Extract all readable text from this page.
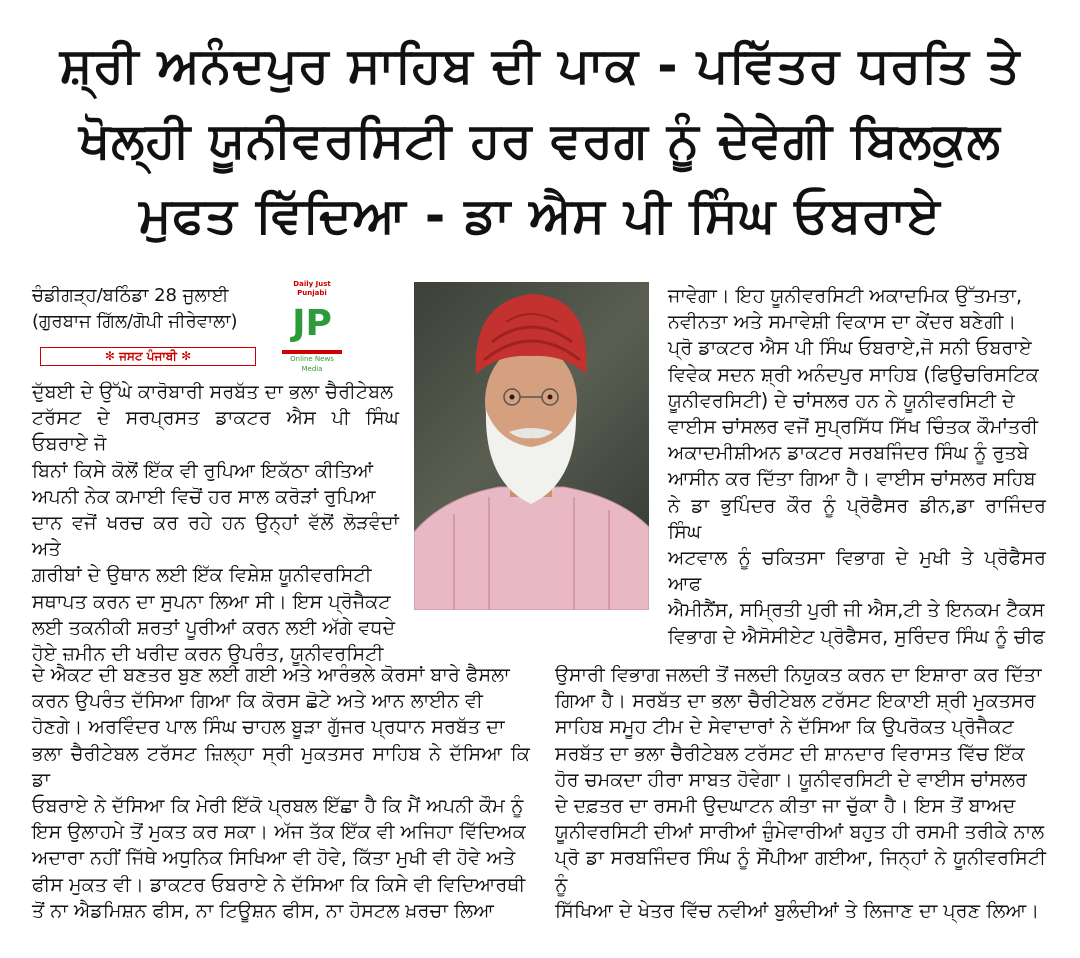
ਸ਼੍ਰੀ ਅਨੰਦਪੁਰ ਸਾਹਿਬ ਦੀ ਪਾਕ - ਪਵਿੱਤਰ ਧਰਤਿ ਤੇ
ਖੋਲ੍ਹੀ ਯੂਨੀਵਰਸਿਟੀ ਹਰ ਵਰਗ ਨੂੰ ਦੇਵੇਗੀ ਬਿਲਕੁਲ
ਮੁਫਤ ਵਿੱਦਿਆ - ਡਾ ਐਸ ਪੀ ਸਿੰਘ ਓਬਰਾਏ
ਚੰਡੀਗੜ੍ਹ/ਬਠਿੰਡਾ 28 ਜੁਲਾਈ
(ਗੁਰਬਾਜ ਗਿੱਲ/ਗੋਪੀ ਜੀਰੇਵਾਲਾ)
✻ ਜਸਟ ਪੰਜਾਬੀ ✻
Daily Just Punjabi
JP
Online News Media

ਦੁੱਬਈ ਦੇ ਉੱਘੇ ਕਾਰੋਬਾਰੀ ਸਰਬੱਤ ਦਾ ਭਲਾ ਚੈਰੀਟੇਬਲ

ਟਰੱਸਟ ਦੇ ਸਰਪ੍ਰਸਤ ਡਾਕਟਰ ਐਸ ਪੀ ਸਿੰਘ ਓਬਰਾਏ ਜੋ

ਬਿਨਾਂ ਕਿਸੇ ਕੋਲੋਂ ਇੱਕ ਵੀ ਰੁਪਿਆ ਇਕੱਠਾ ਕੀਤਿਆਂ

ਅਪਨੀ ਨੇਕ ਕਮਾਈ ਵਿਚੋਂ ਹਰ ਸਾਲ ਕਰੋੜਾਂ ਰੁਪਿਆ

ਦਾਨ ਵਜੋਂ ਖਰਚ ਕਰ ਰਹੇ ਹਨ ਉਨ੍ਹਾਂ ਵੱਲੋਂ ਲੋੜਵੰਦਾਂ ਅਤੇ

ਗ਼ਰੀਬਾਂ ਦੇ ਉਥਾਨ ਲਈ ਇੱਕ ਵਿਸ਼ੇਸ਼ ਯੂਨੀਵਰਸਿਟੀ

ਸਥਾਪਤ ਕਰਨ ਦਾ ਸੁਪਨਾ ਲਿਆ ਸੀ। ਇਸ ਪ੍ਰੋਜੈਕਟ

ਲਈ ਤਕਨੀਕੀ ਸ਼ਰਤਾਂ ਪੂਰੀਆਂ ਕਰਨ ਲਈ ਅੱਗੇ ਵਧਦੇ

ਹੋਏ ਜ਼ਮੀਨ ਦੀ ਖਰੀਦ ਕਰਨ ਉਪਰੰਤ, ਯੂਨੀਵਰਸਿਟੀ

ਦੇ ਐਕਟ ਦੀ ਬਣਤਰ ਬੁਣ ਲਈ ਗਈ ਅਤੇ ਆਰੰਭਲੇ ਕੋਰਸਾਂ ਬਾਰੇ ਫੈਸਲਾ

ਕਰਨ ਉਪਰੰਤ ਦੱਸਿਆ ਗਿਆ ਕਿ ਕੋਰਸ ਛੋਟੇ ਅਤੇ ਆਨ ਲਾਈਨ ਵੀ

ਹੋਣਗੇ। ਅਰਵਿੰਦਰ ਪਾਲ ਸਿੰਘ ਚਾਹਲ ਬੂੜਾ ਗੁੱਜਰ ਪ੍ਰਧਾਨ ਸਰਬੱਤ ਦਾ

ਭਲਾ ਚੈਰੀਟੇਬਲ ਟਰੱਸਟ ਜ਼ਿਲ੍ਹਾ ਸ੍ਰੀ ਮੁਕਤਸਰ ਸਾਹਿਬ ਨੇ ਦੱਸਿਆ ਕਿ ਡਾ

ਓਬਰਾਏ ਨੇ ਦੱਸਿਆ ਕਿ ਮੇਰੀ ਇੱਕੋ ਪ੍ਰਬਲ ਇੱਛਾ ਹੈ ਕਿ ਮੈਂ ਅਪਨੀ ਕੌਮ ਨੂੰ

ਇਸ ਉਲਾਹਮੇ ਤੋਂ ਮੁਕਤ ਕਰ ਸਕਾ। ਅੱਜ ਤੱਕ ਇੱਕ ਵੀ ਅਜਿਹਾ ਵਿੱਦਿਅਕ

ਅਦਾਰਾ ਨਹੀਂ ਜਿੱਥੇ ਅਧੁਨਿਕ ਸਿਖਿਆ ਵੀ ਹੋਵੇ, ਕਿੱਤਾ ਮੁਖੀ ਵੀ ਹੋਵੇ ਅਤੇ

ਫੀਸ ਮੁਕਤ ਵੀ। ਡਾਕਟਰ ਓਬਰਾਏ ਨੇ ਦੱਸਿਆ ਕਿ ਕਿਸੇ ਵੀ ਵਿਦਿਆਰਥੀ

ਤੋਂ ਨਾ ਐਡਮਿਸ਼ਨ ਫੀਸ, ਨਾ ਟਿਊਸ਼ਨ ਫੀਸ, ਨਾ ਹੋਸਟਲ ਖ਼ਰਚਾ ਲਿਆ

ਜਾਵੇਗਾ। ਇਹ ਯੂਨੀਵਰਸਿਟੀ ਅਕਾਦਮਿਕ ਉੱਤਮਤਾ,

ਨਵੀਨਤਾ ਅਤੇ ਸਮਾਵੇਸ਼ੀ ਵਿਕਾਸ ਦਾ ਕੇਂਦਰ ਬਣੇਗੀ।

ਪ੍ਰੋ ਡਾਕਟਰ ਐਸ ਪੀ ਸਿੰਘ ਓਬਰਾਏ,ਜੋ ਸਨੀ ਓਬਰਾਏ

ਵਿਵੇਕ ਸਦਨ ਸ਼੍ਰੀ ਅਨੰਦਪੁਰ ਸਾਹਿਬ (ਫਿਉਚਰਿਸਟਿਕ

ਯੂਨੀਵਰਸਿਟੀ) ਦੇ ਚਾਂਸਲਰ ਹਨ ਨੇ ਯੂਨੀਵਰਸਿਟੀ ਦੇ

ਵਾਈਸ ਚਾਂਸਲਰ ਵਜੋਂ ਸੁਪ੍ਰਸਿੱਧ ਸਿੱਖ ਚਿੰਤਕ ਕੌਮਾਂਤਰੀ

ਅਕਾਦਮੀਸ਼ੀਅਨ ਡਾਕਟਰ ਸਰਬਜਿੰਦਰ ਸਿੰਘ ਨੂੰ ਰੁਤਬੇ

ਆਸੀਨ ਕਰ ਦਿੱਤਾ ਗਿਆ ਹੈ। ਵਾਈਸ ਚਾਂਸਲਰ ਸਹਿਬ

ਨੇ ਡਾ ਭੁਪਿੰਦਰ ਕੌਰ ਨੂੰ ਪ੍ਰੋਫੈਸਰ ਡੀਨ,ਡਾ ਰਾਜਿੰਦਰ ਸਿੰਘ

ਅਟਵਾਲ ਨੂੰ ਚਕਿਤਸਾ ਵਿਭਾਗ ਦੇ ਮੁਖੀ ਤੇ ਪ੍ਰੋਫੈਸਰ ਆਫ

ਐਮੀਨੈਂਸ, ਸਮ੍ਰਿਤੀ ਪੁਰੀ ਜੀ ਐਸ,ਟੀ ਤੇ ਇਨਕਮ ਟੈਕਸ

ਵਿਭਾਗ ਦੇ ਐਸੋਸੀਏਟ ਪ੍ਰੋਫੈਸਰ, ਸੁਰਿੰਦਰ ਸਿੰਘ ਨੂੰ ਚੀਫ

ਉਸਾਰੀ ਵਿਭਾਗ ਜਲਦੀ ਤੋਂ ਜਲਦੀ ਨਿਯੁਕਤ ਕਰਨ ਦਾ ਇਸ਼ਾਰਾ ਕਰ ਦਿੱਤਾ

ਗਿਆ ਹੈ। ਸਰਬੱਤ ਦਾ ਭਲਾ ਚੈਰੀਟੇਬਲ ਟਰੱਸਟ ਇਕਾਈ ਸ਼੍ਰੀ ਮੁਕਤਸਰ

ਸਾਹਿਬ ਸਮੂਹ ਟੀਮ ਦੇ ਸੇਵਾਦਾਰਾਂ ਨੇ ਦੱਸਿਆ ਕਿ ਉਪਰੋਕਤ ਪ੍ਰੋਜੈਕਟ

ਸਰਬੱਤ ਦਾ ਭਲਾ ਚੈਰੀਟੇਬਲ ਟਰੱਸਟ ਦੀ ਸ਼ਾਨਦਾਰ ਵਿਰਾਸਤ ਵਿੱਚ ਇੱਕ

ਹੋਰ ਚਮਕਦਾ ਹੀਰਾ ਸਾਬਤ ਹੋਵੇਗਾ। ਯੂਨੀਵਰਸਿਟੀ ਦੇ ਵਾਈਸ ਚਾਂਸਲਰ

ਦੇ ਦਫ਼ਤਰ ਦਾ ਰਸਮੀ ਉਦਘਾਟਨ ਕੀਤਾ ਜਾ ਚੁੱਕਾ ਹੈ। ਇਸ ਤੋਂ ਬਾਅਦ

ਯੂਨੀਵਰਸਿਟੀ ਦੀਆਂ ਸਾਰੀਆਂ ਜ਼ੁੰਮੇਵਾਰੀਆਂ ਬਹੁਤ ਹੀ ਰਸਮੀ ਤਰੀਕੇ ਨਾਲ

ਪ੍ਰੋ ਡਾ ਸਰਬਜਿੰਦਰ ਸਿੰਘ ਨੂੰ ਸੌਂਪੀਆ ਗਈਆ, ਜਿਨ੍ਹਾਂ ਨੇ ਯੂਨੀਵਰਸਿਟੀ ਨੂੰ

ਸਿੱਖਿਆ ਦੇ ਖੇਤਰ ਵਿੱਚ ਨਵੀਆਂ ਬੁਲੰਦੀਆਂ ਤੇ ਲਿਜਾਣ ਦਾ ਪ੍ਰਣ ਲਿਆ।
